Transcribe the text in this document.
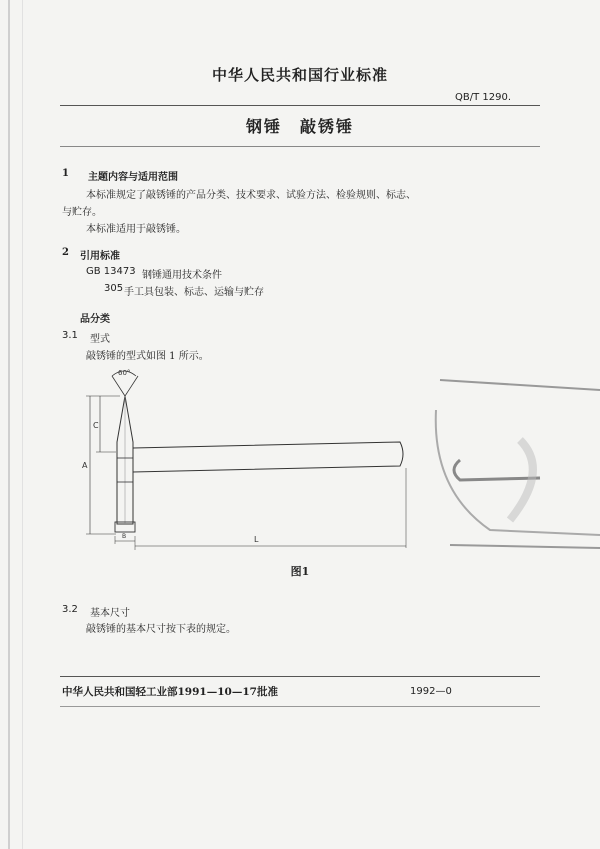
中华人民共和国行业标准
QB/T 1290.
钢锤　敲锈锤
1 主题内容与适用范围
本标准规定了敲锈锤的产品分类、技术要求、试验方法、检验规则、标志、
与贮存。
本标准适用于敲锈锤。
2 引用标准
GB 13473 钢锤通用技术条件
305 手工具包装、标志、运输与贮存
品分类
3.1 型式
敲锈锤的型式如图 1 所示。
60°
A
C
B	L
图1
3.2 基本尺寸
敲锈锤的基本尺寸按下表的规定。
中华人民共和国轻工业部1991—10—17批准	1992—0
